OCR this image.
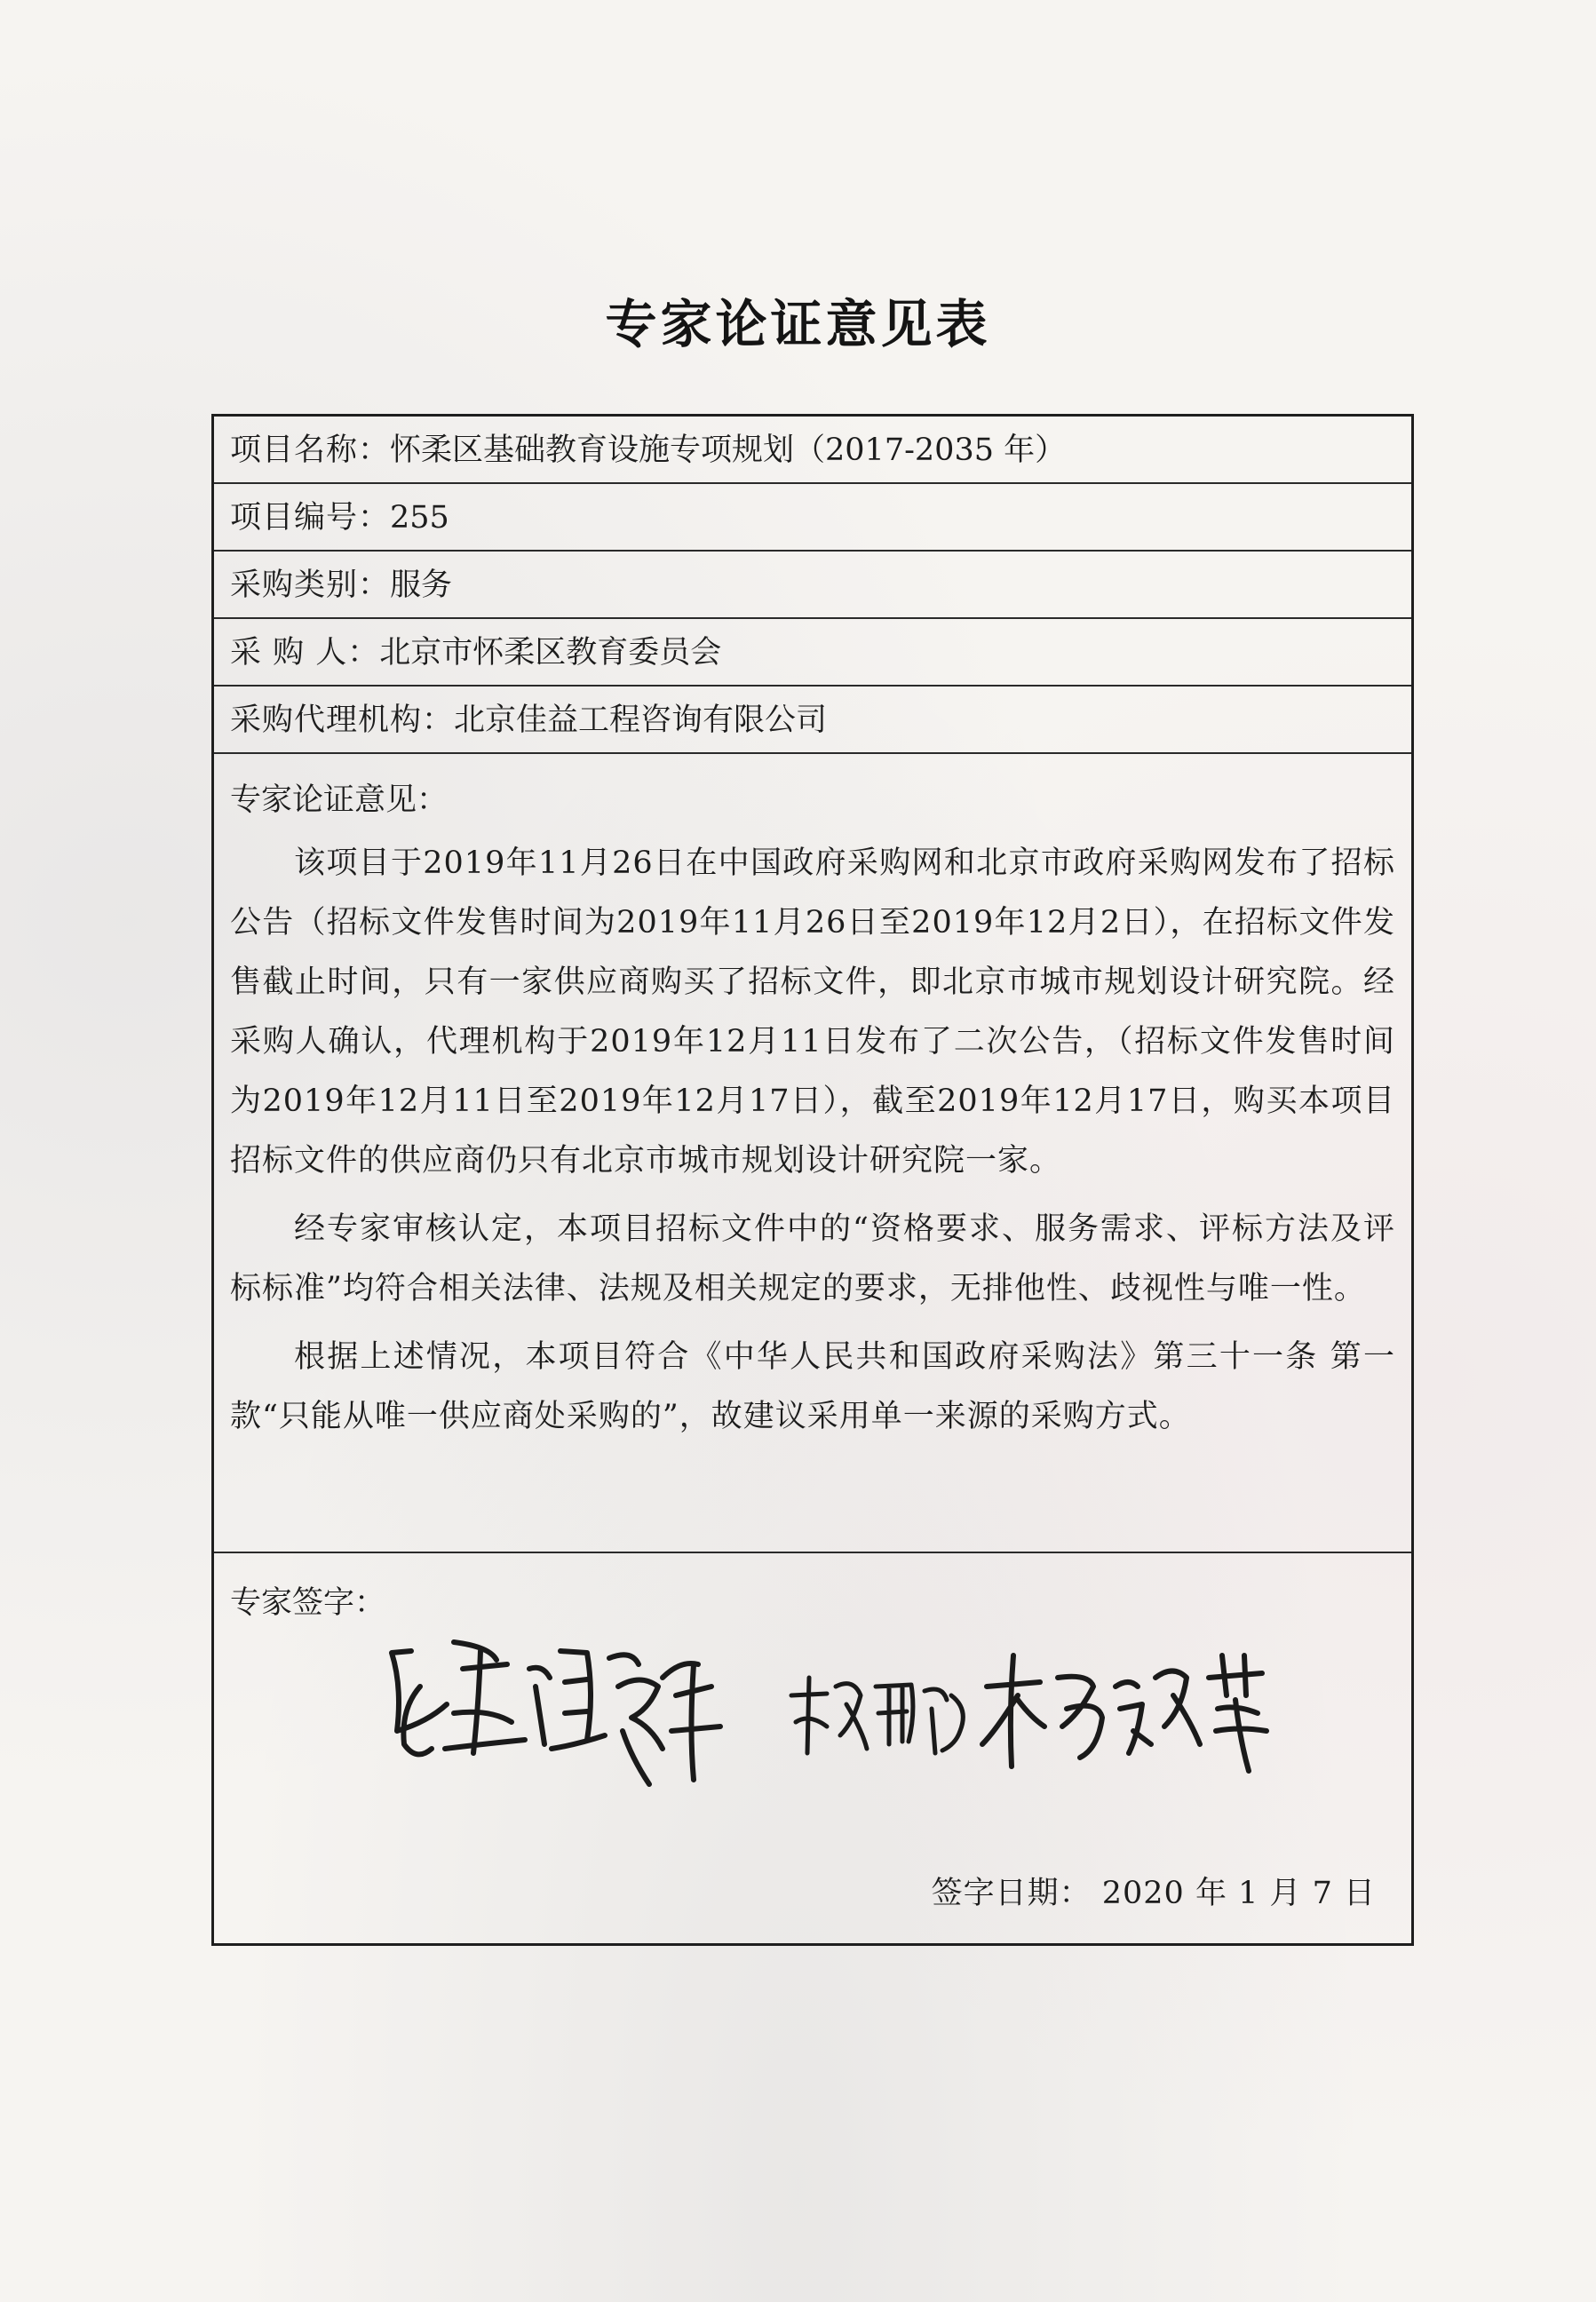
专家论证意见表
项目名称：怀柔区基础教育设施专项规划（2017-2035 年）
项目编号：255
采购类别：服务
采 购 人：北京市怀柔区教育委员会
采购代理机构：北京佳益工程咨询有限公司
专家论证意见：

该项目于2019年11月26日在中国政府采购网和北京市政府采购网发布了招标公告（招标文件发售时间为2019年11月26日至2019年12月2日），在招标文件发售截止时间，只有一家供应商购买了招标文件，即北京市城市规划设计研究院。经采购人确认，代理机构于2019年12月11日发布了二次公告，（招标文件发售时间为2019年12月11日至2019年12月17日），截至2019年12月17日，购买本项目招标文件的供应商仍只有北京市城市规划设计研究院一家。

经专家审核认定，本项目招标文件中的“资格要求、服务需求、评标方法及评标标准”均符合相关法律、法规及相关规定的要求，无排他性、歧视性与唯一性。

根据上述情况，本项目符合《中华人民共和国政府采购法》第三十一条 第一款“只能从唯一供应商处采购的”，故建议采用单一来源的采购方式。

专家签字：
签字日期： 2020 年 1 月 7 日
